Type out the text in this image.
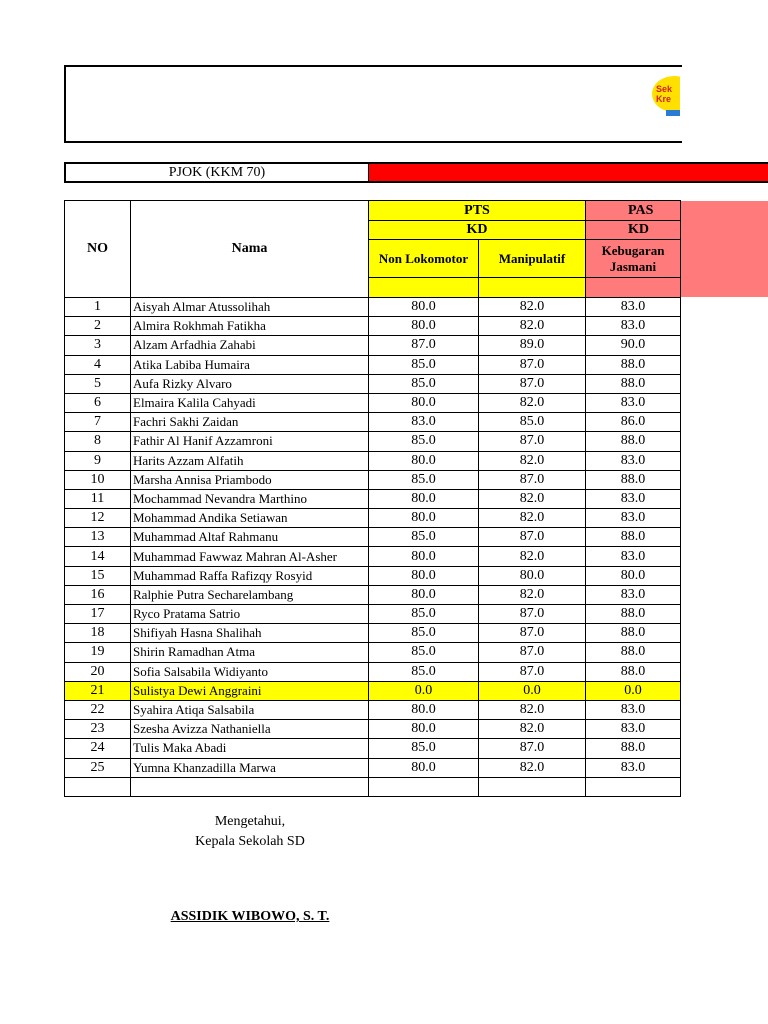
Sek
Kre
PJOK (KKM 70)
NO	Nama	PTS		PAS
		KD		KD
		Non Lokomotor	Manipulatif	Kebugaran Jasmani

1	Aisyah Almar Atussolihah	80.0	82.0	83.0
2	Almira Rokhmah Fatikha	80.0	82.0	83.0
3	Alzam Arfadhia Zahabi	87.0	89.0	90.0
4	Atika Labiba Humaira	85.0	87.0	88.0
5	Aufa Rizky Alvaro	85.0	87.0	88.0
6	Elmaira Kalila Cahyadi	80.0	82.0	83.0
7	Fachri Sakhi Zaidan	83.0	85.0	86.0
8	Fathir Al Hanif Azzamroni	85.0	87.0	88.0
9	Harits Azzam Alfatih	80.0	82.0	83.0
10	Marsha Annisa Priambodo	85.0	87.0	88.0
11	Mochammad Nevandra Marthino	80.0	82.0	83.0
12	Mohammad Andika Setiawan	80.0	82.0	83.0
13	Muhammad Altaf Rahmanu	85.0	87.0	88.0
14	Muhammad Fawwaz Mahran Al-Asher	80.0	82.0	83.0
15	Muhammad Raffa Rafizqy Rosyid	80.0	80.0	80.0
16	Ralphie Putra Secharelambang	80.0	82.0	83.0
17	Ryco Pratama Satrio	85.0	87.0	88.0
18	Shifiyah Hasna Shalihah	85.0	87.0	88.0
19	Shirin Ramadhan Atma	85.0	87.0	88.0
20	Sofia Salsabila Widiyanto	85.0	87.0	88.0
21	Sulistya Dewi Anggraini	0.0	0.0	0.0
22	Syahira Atiqa Salsabila	80.0	82.0	83.0
23	Szesha Avizza Nathaniella	80.0	82.0	83.0
24	Tulis Maka Abadi	85.0	87.0	88.0
25	Yumna Khanzadilla Marwa	80.0	82.0	83.0

Mengetahui,
Kepala Sekolah SD
ASSIDIK WIBOWO, S. T.
